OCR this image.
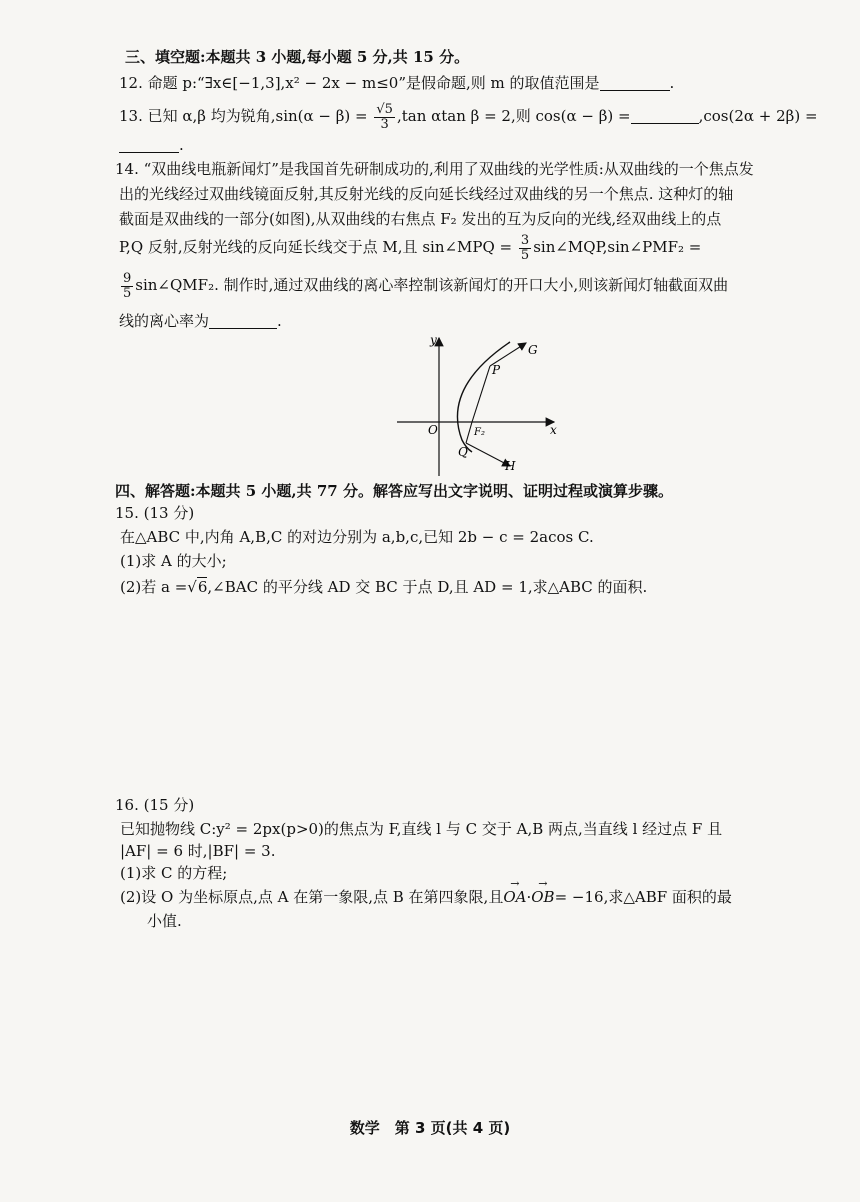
三、填空题:本题共 3 小题,每小题 5 分,共 15 分。
12. 命题 p:“∃x∈[−1,3],x² − 2x − m≤0”是假命题,则 m 的取值范围是	.
13. 已知 α,β 均为锐角$,\sin(\alpha - \beta) = \frac{√5}{3} ,\tan$ αtan β = 2,则 cos(α − β) =	,cos(2α + 2β) =
.
14. “双曲线电瓶新闻灯”是我国首先研制成功的,利用了双曲线的光学性质:从双曲线的一个焦点发
出的光线经过双曲线镜面反射,其反射光线的反向延长线经过双曲线的另一个焦点. 这种灯的轴
截面是双曲线的一部分(如图),从双曲线的右焦点 F₂ 发出的互为反向的光线,经双曲线上的点
P,Q 反射,反射光线的反向延长线交于点 M,且 sin∠MPQ = $\frac{3}{5}$ sin∠MQP,sin∠PMF₂ =
$\frac{9}{5}$ sin∠QMF₂. 制作时,通过双曲线的离心率控制该新闻灯的开口大小,则该新闻灯轴截面双曲
线的离心率为	.
y
x
O	F₂
P
Q
G
H
四、解答题:本题共 5 小题,共 77 分。解答应写出文字说明、证明过程或演算步骤。
15. (13 分)
在△ABC 中,内角 A,B,C 的对边分别为 a,b,c,已知 2b − c = 2acos C.
(1)求 A 的大小;
(2)若 a =√6,∠BAC 的平分线 AD 交 BC 于点 D,且 AD = 1,求△ABC 的面积.
16. (15 分)
已知抛物线 C:y² = 2px(p>0)的焦点为 F,直线 l 与 C 交于 A,B 两点,当直线 l 经过点 F 且
|AF| = 6 时,|BF| = 3.
(1)求 C 的方程;
(2)设 O 为坐标原点,点 A 在第一象限,点 B 在第四象限,且→ OA·→ OB= −16,求△ABF 面积的最
小值.
数学　第 3 页(共 4 页)
